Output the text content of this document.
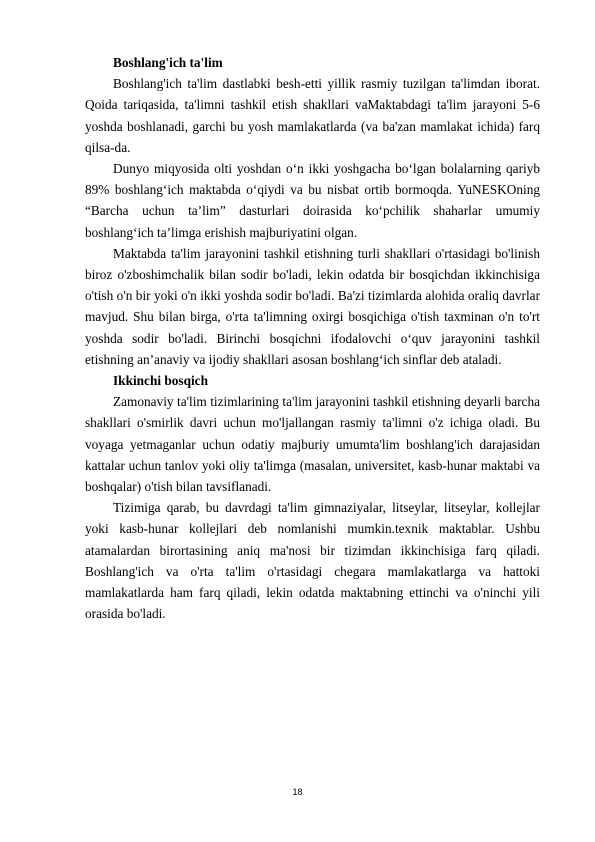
Boshlang'ich ta'lim

Boshlang'ich ta'lim dastlabki besh-etti yillik rasmiy tuzilgan ta'limdan iborat. Qoida tariqasida, ta'limni tashkil etish shakllari vaMaktabdagi ta'lim jarayoni 5-6 yoshda boshlanadi, garchi bu yosh mamlakatlarda (va ba'zan mamlakat ichida) farq qilsa-da.

Dunyo miqyosida olti yoshdan o‘n ikki yoshgacha bo‘lgan bolalarning qariyb 89% boshlang‘ich maktabda o‘qiydi va bu nisbat ortib bormoqda. YuNESKOning “Barcha uchun ta’lim” dasturlari doirasida ko‘pchilik shaharlar umumiy boshlang‘ich ta’limga erishish majburiyatini olgan.

Maktabda ta'lim jarayonini tashkil etishning turli shakllari o'rtasidagi bo'linish biroz o'zboshimchalik bilan sodir bo'ladi, lekin odatda bir bosqichdan ikkinchisiga o'tish o'n bir yoki o'n ikki yoshda sodir bo'ladi. Ba'zi tizimlarda alohida oraliq davrlar mavjud. Shu bilan birga, o'rta ta'limning oxirgi bosqichiga o'tish taxminan o'n to'rt yoshda sodir bo'ladi. Birinchi bosqichni ifodalovchi o‘quv jarayonini tashkil etishning an’anaviy va ijodiy shakllari asosan boshlang‘ich sinflar deb ataladi.

Ikkinchi bosqich

Zamonaviy ta'lim tizimlarining ta'lim jarayonini tashkil etishning deyarli barcha shakllari o'smirlik davri uchun mo'ljallangan rasmiy ta'limni o'z ichiga oladi. Bu voyaga yetmaganlar uchun odatiy majburiy umumta'lim boshlang'ich darajasidan kattalar uchun tanlov yoki oliy ta'limga (masalan, universitet, kasb-hunar maktabi va boshqalar) o'tish bilan tavsiflanadi.

Tizimiga qarab, bu davrdagi ta'lim gimnaziyalar, litseylar, litseylar, kollejlar yoki kasb-hunar kollejlari deb nomlanishi mumkin.texnik maktablar. Ushbu atamalardan birortasining aniq ma'nosi bir tizimdan ikkinchisiga farq qiladi. Boshlang'ich va o'rta ta'lim o'rtasidagi chegara mamlakatlarga va hattoki mamlakatlarda ham farq qiladi, lekin odatda maktabning ettinchi va o'ninchi yili orasida bo'ladi.

18
